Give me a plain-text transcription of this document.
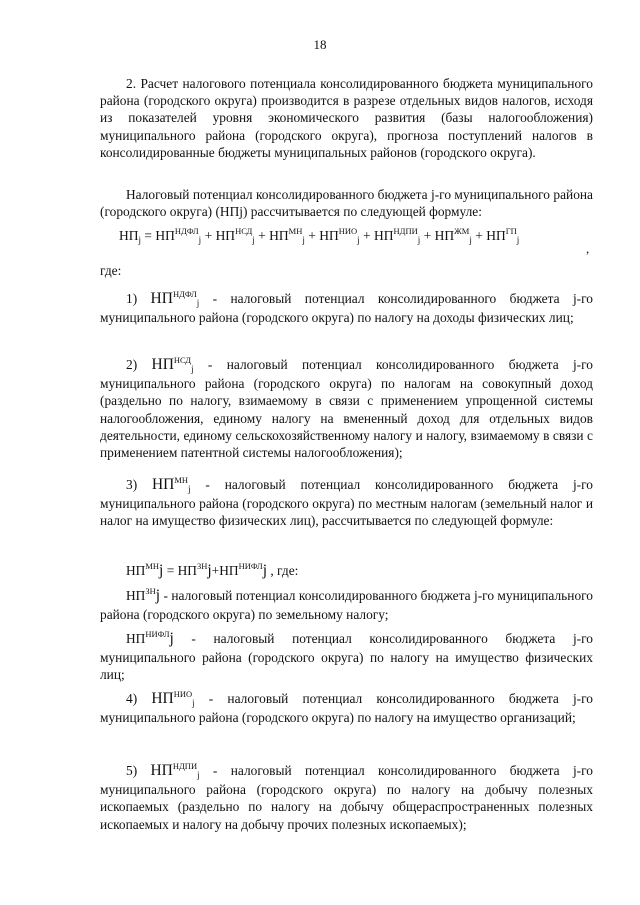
18

2. Расчет налогового потенциала консолидированного бюджета муниципального района (городского округа) производится в разрезе отдельных видов налогов, исходя из показателей уровня экономического развития (базы налогообложения) муниципального района (городского округа), прогноза поступлений налогов в консолидированные бюджеты муниципальных районов (городского округа).

Налоговый потенциал консолидированного бюджета j-го муниципального района (городского округа) (НПj) рассчитывается по следующей формуле:

$НП_j = НП^{НДФЛ}_j + НП^{НСД}_j + НП^{МН}_j + НП^{НИО}_j + НП^{НДПИ}_j + НП^{ЖМ}_j + НП^{ГП}_j$
,
где:

1) $НП^{НДФЛ}_j$ - налоговый потенциал консолидированного бюджета j-го муниципального района (городского округа) по налогу на доходы физических лиц;

2) $НП^{НСД}_j$ - налоговый потенциал консолидированного бюджета j-го муниципального района (городского округа) по налогам на совокупный доход (раздельно по налогу, взимаемому в связи с применением упрощенной системы налогообложения, единому налогу на вмененный доход для отдельных видов деятельности, единому сельскохозяйственному налогу и налогу, взимаемому в связи с применением патентной системы налогообложения);

3) $НП^{МН}_j$ - налоговый потенциал консолидированного бюджета j-го муниципального района (городского округа) по местным налогам (земельный налог и налог на имущество физических лиц), рассчитывается по следующей формуле:

$НП^{МН}j = НП^{ЗН}j+НП^{НИФЛ}j$ , где:

$НП^{ЗН}j$ - налоговый потенциал консолидированного бюджета j-го муниципального района (городского округа) по земельному налогу;

$НП^{НИФЛ}j$ - налоговый потенциал консолидированного бюджета j-го муниципального района (городского округа) по налогу на имущество физических лиц;

4) $НП^{НИО}_j$ - налоговый потенциал консолидированного бюджета j-го муниципального района (городского округа) по налогу на имущество организаций;

5) $НП^{НДПИ}_j$ - налоговый потенциал консолидированного бюджета j-го муниципального района (городского округа) по налогу на добычу полезных ископаемых (раздельно по налогу на добычу общераспространенных полезных ископаемых и налогу на добычу прочих полезных ископаемых);
